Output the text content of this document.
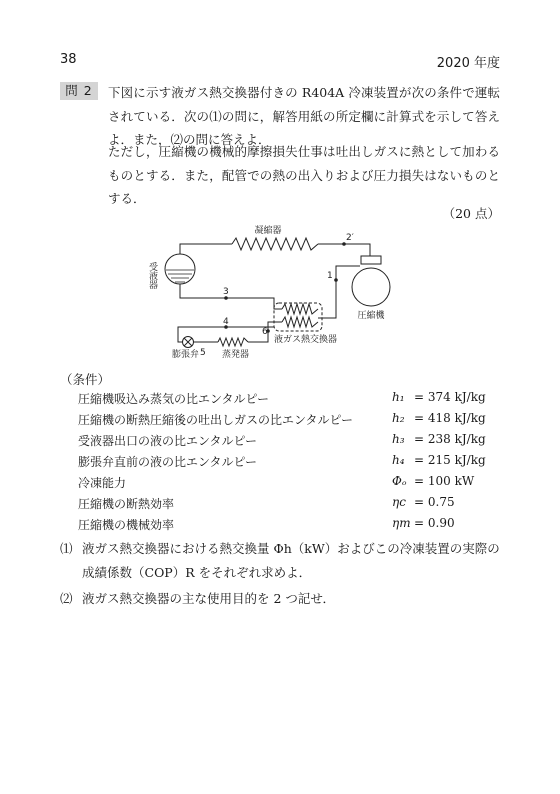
38	2020 年度
問 2	下図に示す液ガス熱交換器付きの R404A 冷凍装置が次の条件で運転されている．次の⑴の問に，解答用紙の所定欄に計算式を示して答えよ．また，⑵の問に答えよ．

ただし，圧縮機の機械的摩擦損失仕事は吐出しガスに熱として加わるものとする．また，配管での熱の出入りおよび圧力損失はないものとする．

（20 点）
凝縮器
受液器
圧縮機
液ガス熱交換器
膨張弁	蒸発器
3
4
5
6
2′
1
（条件）
圧縮機吸込み蒸気の比エンタルピー	h₁ = 374 kJ/kg
圧縮機の断熱圧縮後の吐出しガスの比エンタルピー	h₂ = 418 kJ/kg
受液器出口の液の比エンタルピー	h₃ = 238 kJ/kg
膨張弁直前の液の比エンタルピー	h₄ = 215 kJ/kg
冷凍能力	Φₒ = 100 kW
圧縮機の断熱効率	ηc = 0.75
圧縮機の機械効率	ηm = 0.90
⑴ 液ガス熱交換器における熱交換量 Φh（kW）およびこの冷凍装置の実際の成績係数（COP）R をそれぞれ求めよ．
⑵ 液ガス熱交換器の主な使用目的を 2 つ記せ．
